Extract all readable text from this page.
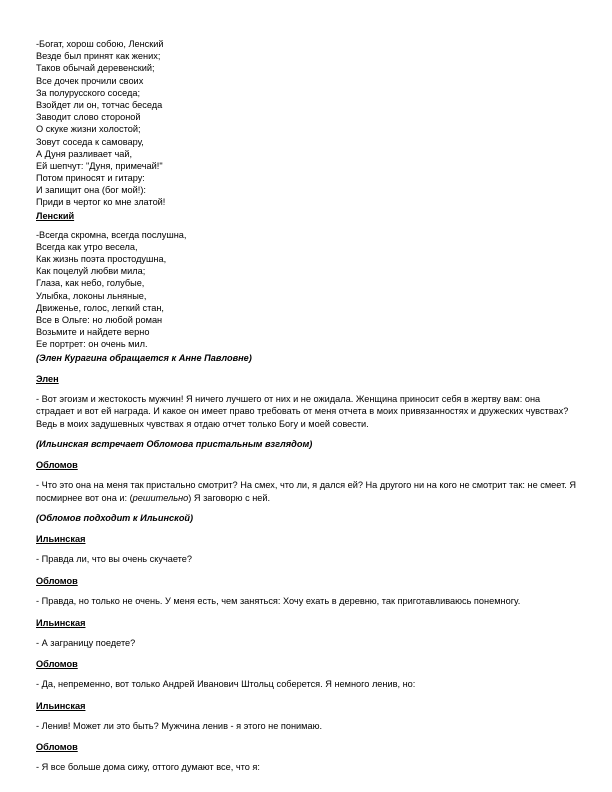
-Богат, хорош собою, Ленский
Везде был принят как жених;
Таков обычай деревенский;
Все дочек прочили своих
За полурусского соседа;
Взойдет ли он, тотчас беседа
Заводит слово стороной
О скуке жизни холостой;
Зовут соседа к самовару,
А Дуня разливает чай,
Ей шепчут: "Дуня, примечай!"
Потом приносят и гитару:
И запищит она (бог мой!):
Приди в чертог ко мне златой!
Ленский
-Всегда скромна, всегда послушна,
Всегда как утро весела,
Как жизнь поэта простодушна,
Как поцелуй любви мила;
Глаза, как небо, голубые,
Улыбка, локоны льняные,
Движенье, голос, легкий стан,
Все в Ольге: но любой роман
Возьмите и найдете верно
Ее портрет: он очень мил.
(Элен Курагина обращается к Анне Павловне)
Элен
- Вот эгоизм и жестокость мужчин! Я ничего лучшего от них и не ожидала. Женщина приносит себя в жертву вам: она страдает и вот ей награда. И какое он имеет право требовать от меня отчета в моих привязанностях и дружеских чувствах? Ведь в моих задушевных чувствах я отдаю отчет только Богу и моей совести.
(Ильинская встречает Обломова пристальным взглядом)
Обломов
- Что это она на меня так пристально смотрит? На смех, что ли, я дался ей? На другого ни на кого не смотрит так: не смеет. Я посмирнее вот она и: (решительно) Я заговорю с ней.
(Обломов подходит к Ильинской)
Ильинская
- Правда ли, что вы очень скучаете?
Обломов
- Правда, но только не очень. У меня есть, чем заняться: Хочу ехать в деревню, так приготавливаюсь понемногу.
Ильинская
- А заграницу поедете?
Обломов
- Да, непременно, вот только Андрей Иванович Штольц соберется. Я немного ленив, но:
Ильинская
- Ленив! Может ли это быть? Мужчина ленив - я этого не понимаю.
Обломов
- Я все больше дома сижу, оттого думают все, что я:
